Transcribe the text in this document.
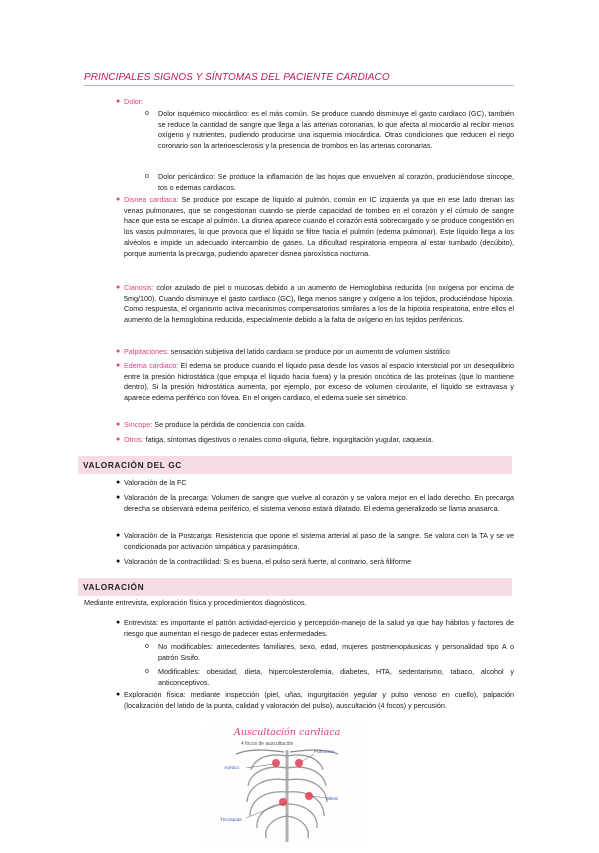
PRINCIPALES SIGNOS Y SÍNTOMAS DEL PACIENTE CARDIACO
● Dolor:
o Dolor isquémico miocárdico: es el más común. Se produce cuando disminuye el gasto cardiaco (GC), también se reduce la cantidad de sangre que llega a las arterias coronarias, lo que afecta al miocardio al recibir menos oxígeno y nutrientes, pudiendo producirse una isquemia miocárdica. Otras condiciones que reducen el riego coronario son la arterioesclerosis y la presencia de trombos en las arterias coronarias.
o Dolor pericárdico: Se produce la inflamación de las hojas que envuelven al corazón, produciéndose síncope, tos o edemas cardiacos.
● Disnea cardiaca: Se produce por escape de líquido al pulmón, común en IC izquierda ya que en ese lado drenan las venas pulmonares, que se congestionan cuando se pierde capacidad de tombeo en el corazón y el cúmulo de sangre hace que esta se escape al pulmón. La disnea aparece cuando el corazón está sobrecargado y se produce congestión en los vasos pulmonares, lo que provoca que el líquido se filtre hacia el pulmón (edema pulmonar). Este líquido llega a los alvéolos e impide un adecuado intercambio de gases. La dificultad respiratoria empeora al estar tumbado (decúbito), porque aumenta la precarga, pudiendo aparecer disnea paroxística nocturna.
● Cianosis: color azulado de piel o mucosas debido a un aumento de Hemoglobina reducida (no oxígena por encima de 5mg/100). Cuando disminuye el gasto cardiaco (GC), llega menos sangre y oxígeno a los tejidos, produciéndose hipoxia. Como respuesta, el organismo activa mecanismos compensatorios similares a los de la hipoxia respiratoria, entre ellos el aumento de la hemoglobina reducida, especialmente debido a la falta de oxígeno en los tejidos periféricos.
● Palpitaciones: sensación subjetiva del latido cardiaco se produce por un aumento de volumen sistólico
● Edema cardiaco: El edema se produce cuando el líquido pasa desde los vasos al espacio intersticial por un desequilibrio entre la presión hidrostática (que empuja el líquido hacia fuera) y la presión oncótica de las proteínas (que lo mantiene dentro). Si la presión hidrostática aumenta, por ejemplo, por exceso de volumen circulante, el líquido se extravasa y aparece edema periférico con fóvea. En el origen cardiaco, el edema suele ser simétrico.
● Síncope: Se produce la pérdida de conciencia con caída.
● Otros: fatiga, síntomas digestivos o renales como oliguria, fiebre, ingurgitación yugular, caquexia.
VALORACIÓN DEL GC
● Valoración de la FC
● Valoración de la precarga: Volumen de sangre que vuelve al corazón y se valora mejor en el lado derecho. En precarga derecha se observará edema periférico, el sistema venoso estará dilatado. El edema generalizado se llama anasarca.
● Valoración de la Postcarga: Resistencia que opone el sistema arterial al paso de la sangre. Se valora con la TA y se ve condicionada por activación simpática y parasimpática.
● Valoración de la contractilidad: Si es buena, el pulso será fuerte, al contrario, será filiforme
VALORACIÓN
Mediante entrevista, exploración física y procedimientos diagnósticos.
● Entrevista: es importante el patrón actividad-ejercicio y percepción-manejo de la salud ya que hay hábitos y factores de riesgo que aumentan el riesgo de padecer estas enfermedades.
o No modificables: antecedentes familiares, sexo, edad, mujeres postmenopáusicas y personalidad tipo A o patrón Sisifo.
o Modificables: obesidad, dieta, hipercolesterolemia, diabetes, HTA, sedentarismo, tabaco, alcohol y anticonceptivos.
● Exploración física: mediante inspección (piel, uñas, ingurgitación yegular y pulso venoso en cuello), palpación (localización del latido de la punta, calidad y valoración del pulso), auscultación (4 focos) y percusión.
Auscultación cardiaca
4 focos de auscultación
Pulmonar
Aórtico
Mitral
Tricúspide
